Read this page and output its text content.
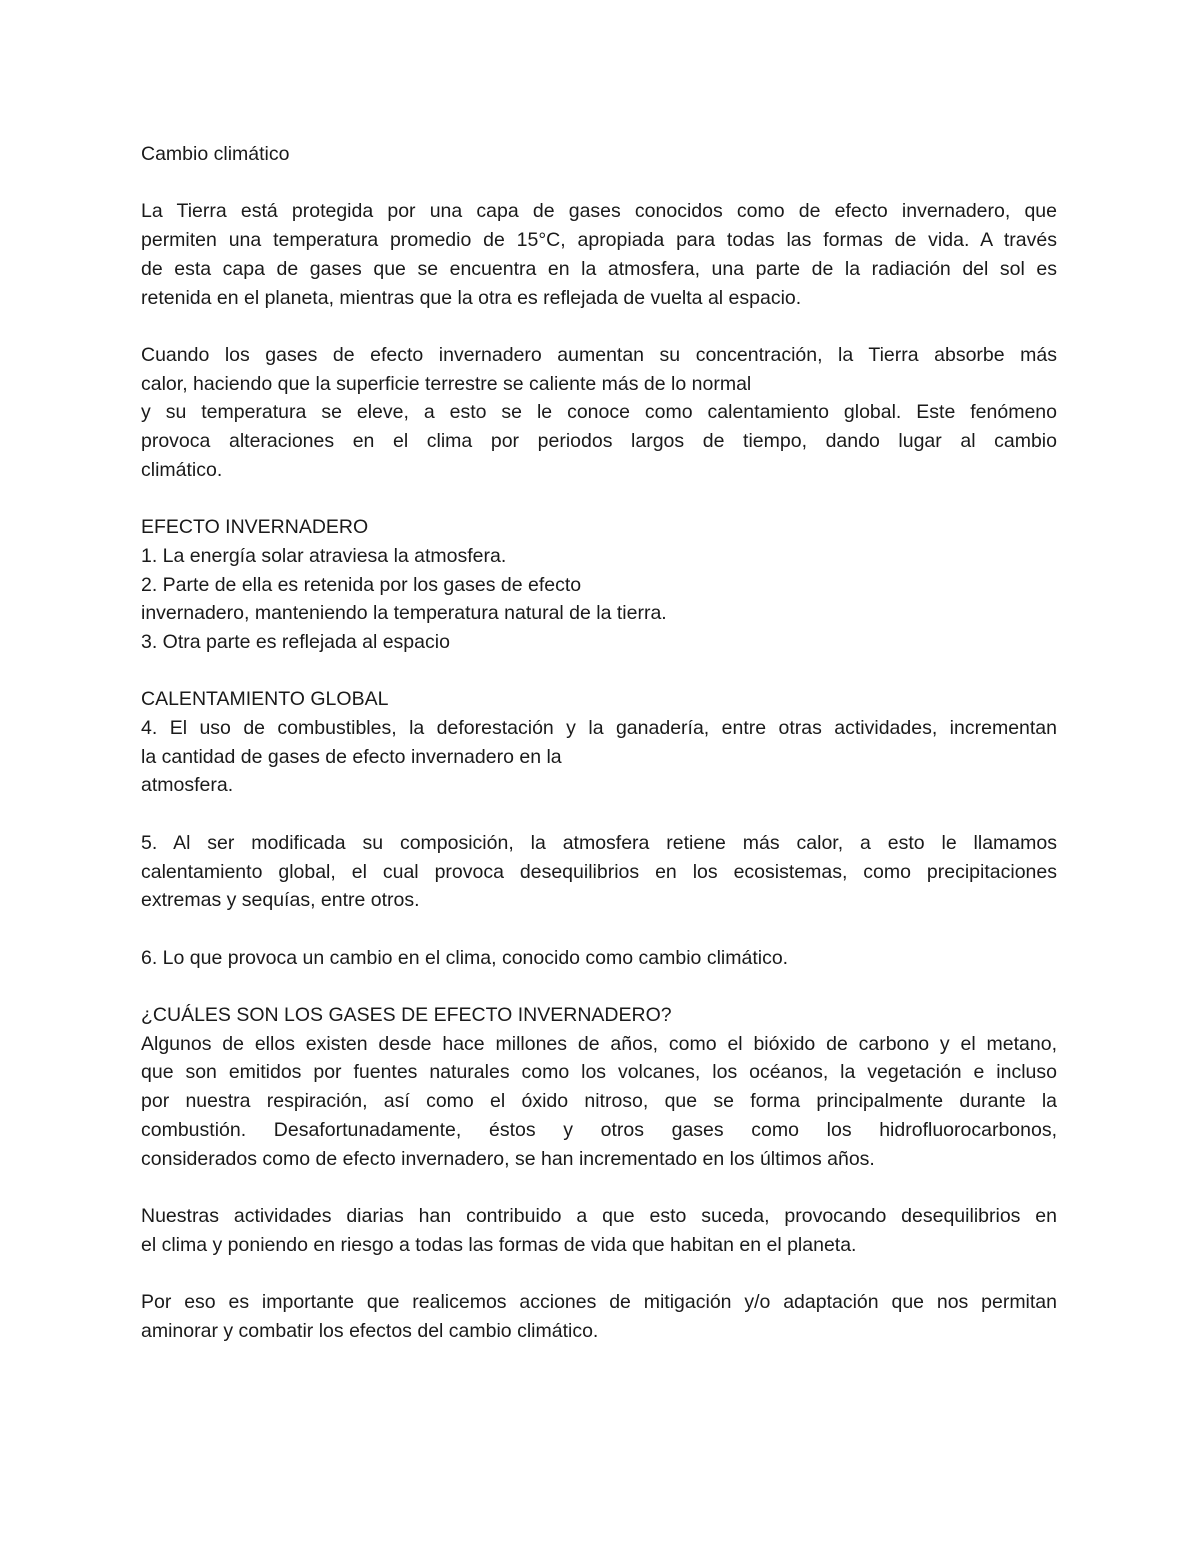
Cambio climático
La Tierra está protegida por una capa de gases conocidos como de efecto invernadero, que
permiten una temperatura promedio de 15°C, apropiada para todas las formas de vida. A través
de esta capa de gases que se encuentra en la atmosfera, una parte de la radiación del sol es
retenida en el planeta, mientras que la otra es reflejada de vuelta al espacio.
Cuando los gases de efecto invernadero aumentan su concentración, la Tierra absorbe más
calor, haciendo que la superficie terrestre se caliente más de lo normal
y su temperatura se eleve, a esto se le conoce como calentamiento global. Este fenómeno
provoca alteraciones en el clima por periodos largos de tiempo, dando lugar al cambio
climático.
EFECTO INVERNADERO
1. La energía solar atraviesa la atmosfera.
2. Parte de ella es retenida por los gases de efecto
invernadero, manteniendo la temperatura natural de la tierra.
3. Otra parte es reflejada al espacio
CALENTAMIENTO GLOBAL
4. El uso de combustibles, la deforestación y la ganadería, entre otras actividades, incrementan
la cantidad de gases de efecto invernadero en la
atmosfera.
5. Al ser modificada su composición, la atmosfera retiene más calor, a esto le llamamos
calentamiento global, el cual provoca desequilibrios en los ecosistemas, como precipitaciones
extremas y sequías, entre otros.
6. Lo que provoca un cambio en el clima, conocido como cambio climático.
¿CUÁLES SON LOS GASES DE EFECTO INVERNADERO?
Algunos de ellos existen desde hace millones de años, como el bióxido de carbono y el metano,
que son emitidos por fuentes naturales como los volcanes, los océanos, la vegetación e incluso
por nuestra respiración, así como el óxido nitroso, que se forma principalmente durante la
combustión. Desafortunadamente, éstos y otros gases como los hidrofluorocarbonos,
considerados como de efecto invernadero, se han incrementado en los últimos años.
Nuestras actividades diarias han contribuido a que esto suceda, provocando desequilibrios en
el clima y poniendo en riesgo a todas las formas de vida que habitan en el planeta.
Por eso es importante que realicemos acciones de mitigación y/o adaptación que nos permitan
aminorar y combatir los efectos del cambio climático.
